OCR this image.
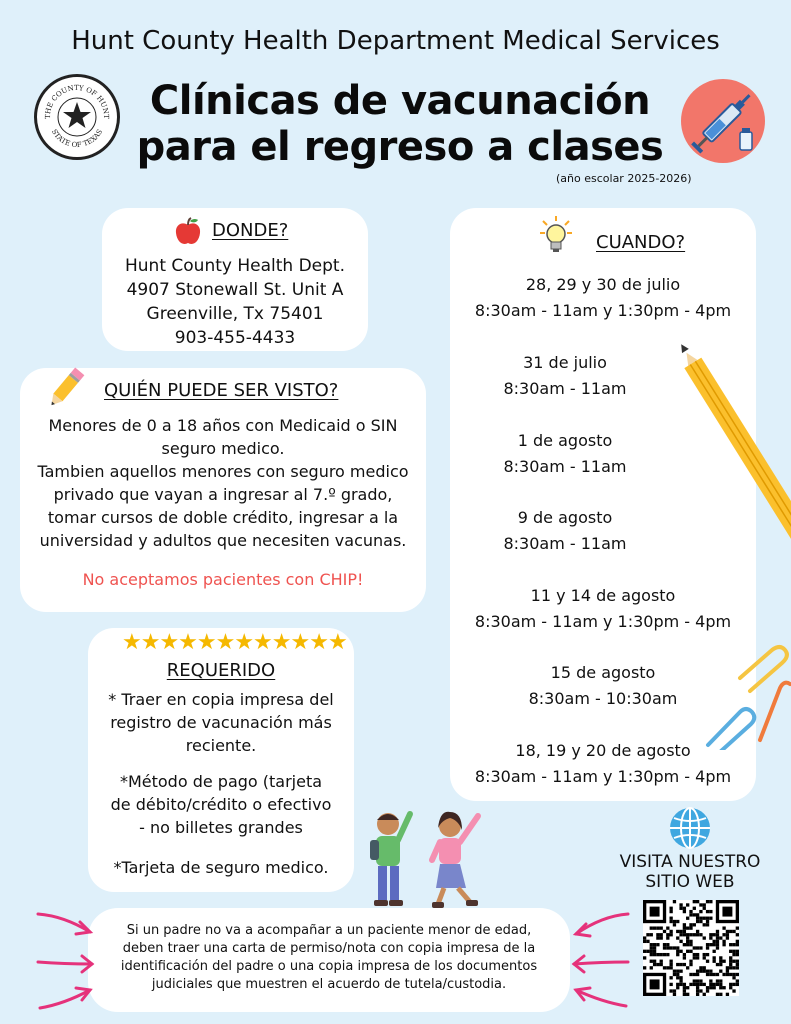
Hunt County Health Department Medical Services
THE COUNTY OF HUNT
STATE OF TEXAS
Clínicas de vacunación
para el regreso a clases
(año escolar 2025-2026)
DONDE?
Hunt County Health Dept.
4907 Stonewall St. Unit A
Greenville, Tx 75401
903-455-4433
QUIÉN PUEDE SER VISTO?
Menores de 0 a 18 años con Medicaid o SIN
seguro medico.
Tambien aquellos menores con seguro medico
privado que vayan a ingresar al 7.º grado,
tomar cursos de doble crédito, ingresar a la
universidad y adultos que necesiten vacunas.
No aceptamos pacientes con CHIP!
★★★★★★★★★★★★
REQUERIDO
* Traer en copia impresa del
registro de vacunación más
reciente.
*Método de pago (tarjeta
de débito/crédito o efectivo
- no billetes grandes
*Tarjeta de seguro medico.
CUANDO?
28, 29 y 30 de julio
8:30am - 11am y 1:30pm - 4pm
31 de julio
8:30am - 11am
1 de agosto
8:30am - 11am
9 de agosto
8:30am - 11am
11 y 14 de agosto
8:30am - 11am y 1:30pm - 4pm
15 de agosto
8:30am - 10:30am
18, 19 y 20 de agosto
8:30am - 11am y 1:30pm - 4pm
VISITA NUESTRO
SITIO WEB
Si un padre no va a acompañar a un paciente menor de edad,
deben traer una carta de permiso/nota con copia impresa de la
identificación del padre o una copia impresa de los documentos
judiciales que muestren el acuerdo de tutela/custodia.
